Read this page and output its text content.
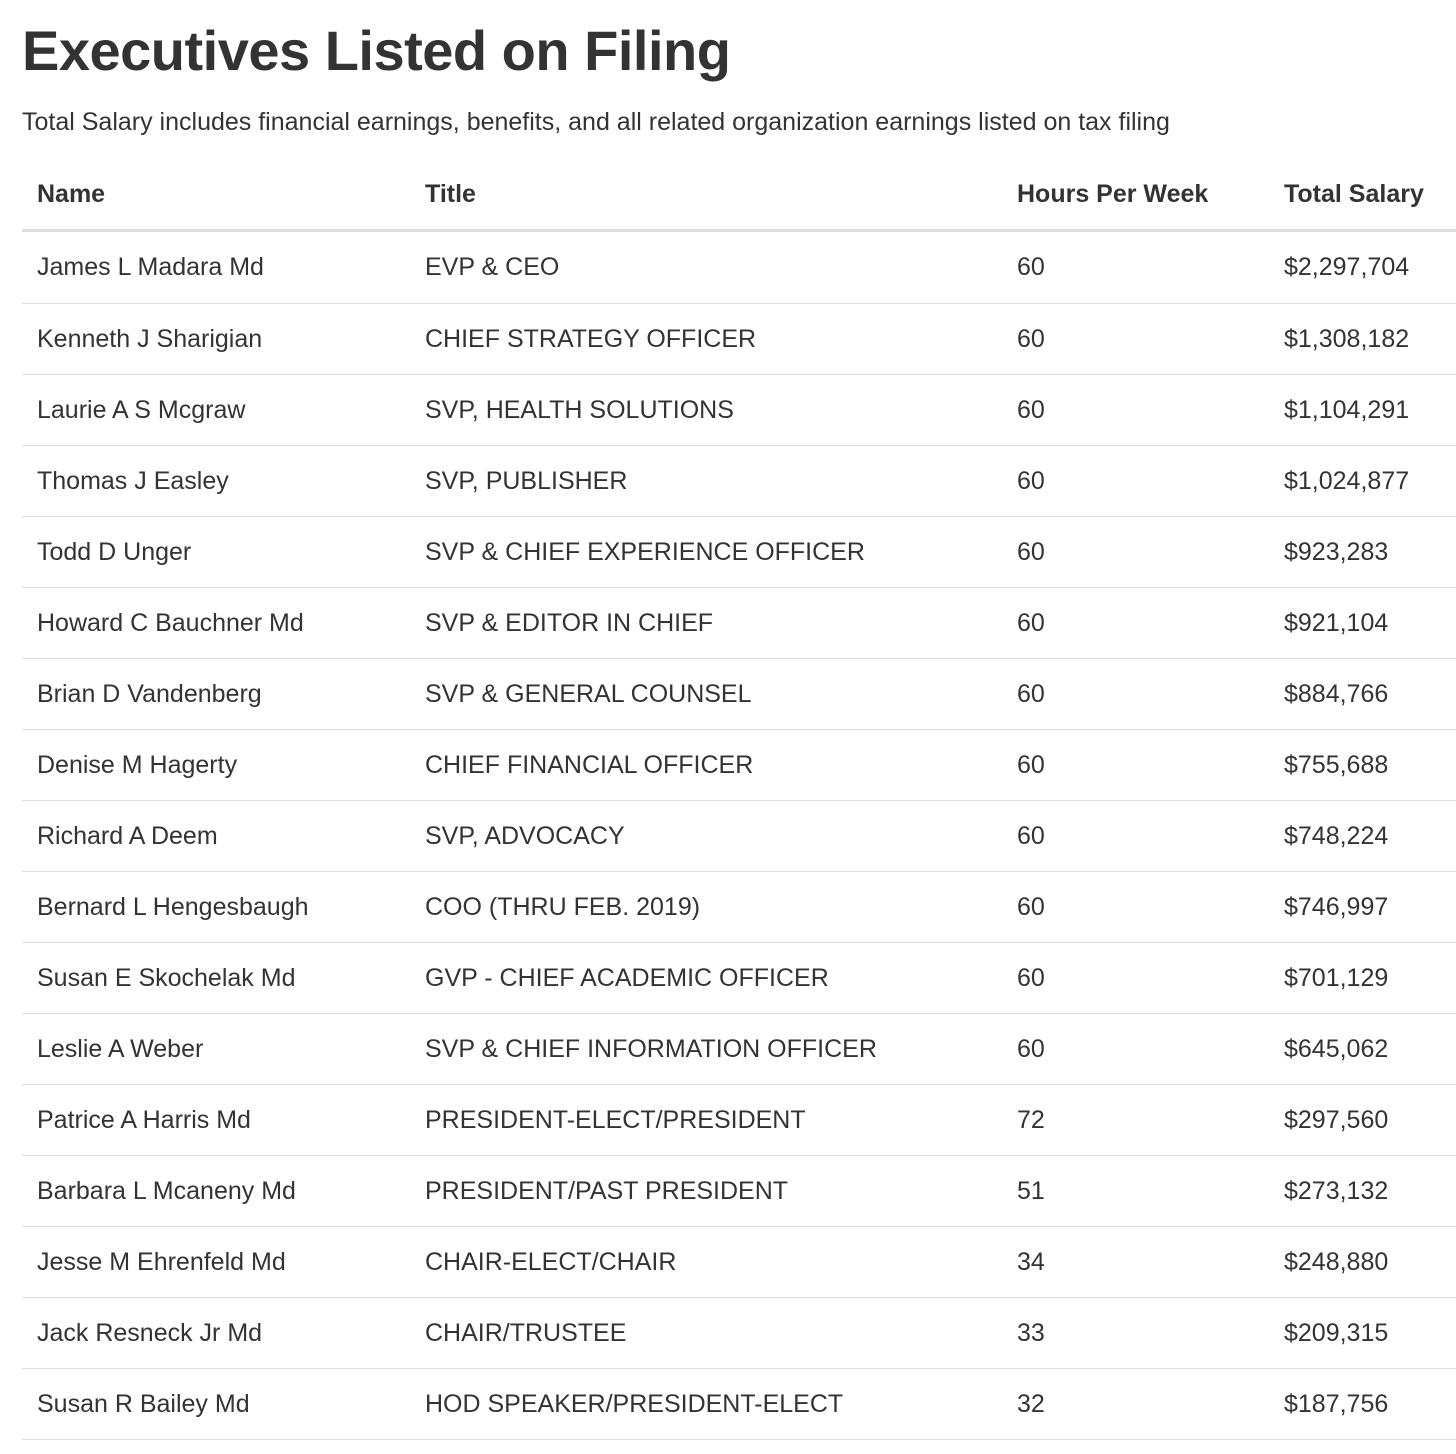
Executives Listed on Filing

Total Salary includes financial earnings, benefits, and all related organization earnings listed on tax filing

Name	Title	Hours Per Week	Total Salary
James L Madara Md	EVP & CEO	60	$2,297,704
Kenneth J Sharigian	CHIEF STRATEGY OFFICER	60	$1,308,182
Laurie A S Mcgraw	SVP, HEALTH SOLUTIONS	60	$1,104,291
Thomas J Easley	SVP, PUBLISHER	60	$1,024,877
Todd D Unger	SVP & CHIEF EXPERIENCE OFFICER	60	$923,283
Howard C Bauchner Md	SVP & EDITOR IN CHIEF	60	$921,104
Brian D Vandenberg	SVP & GENERAL COUNSEL	60	$884,766
Denise M Hagerty	CHIEF FINANCIAL OFFICER	60	$755,688
Richard A Deem	SVP, ADVOCACY	60	$748,224
Bernard L Hengesbaugh	COO (THRU FEB. 2019)	60	$746,997
Susan E Skochelak Md	GVP - CHIEF ACADEMIC OFFICER	60	$701,129
Leslie A Weber	SVP & CHIEF INFORMATION OFFICER	60	$645,062
Patrice A Harris Md	PRESIDENT-ELECT/PRESIDENT	72	$297,560
Barbara L Mcaneny Md	PRESIDENT/PAST PRESIDENT	51	$273,132
Jesse M Ehrenfeld Md	CHAIR-ELECT/CHAIR	34	$248,880
Jack Resneck Jr Md	CHAIR/TRUSTEE	33	$209,315
Susan R Bailey Md	HOD SPEAKER/PRESIDENT-ELECT	32	$187,756
